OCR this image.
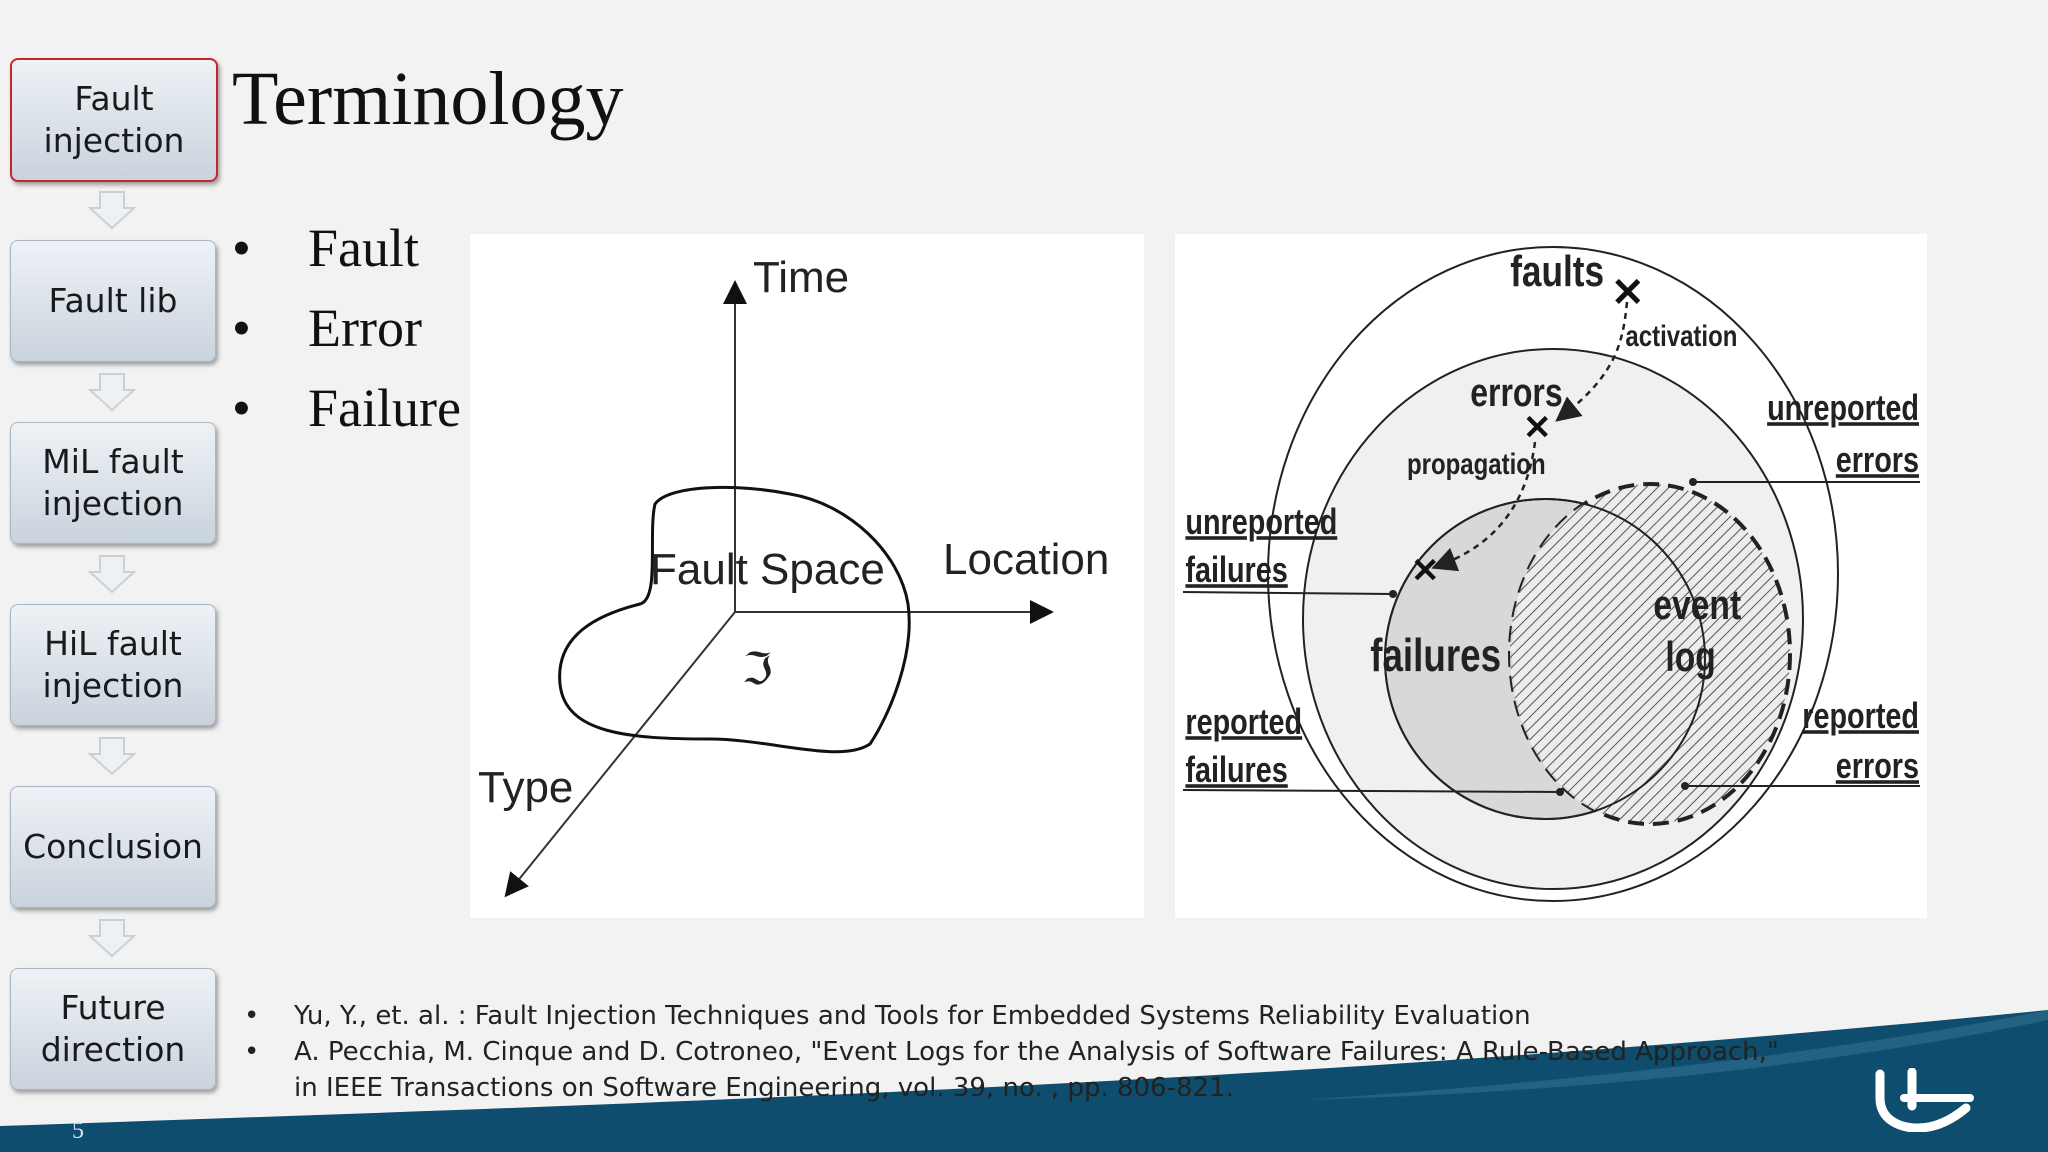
Fault
injection
Fault lib
MiL fault
injection
HiL fault
injection
Conclusion
Future
direction
Terminology
•	Fault
•	Error
•	Failure
Time
Location
Type
Fault Space
ℑ
✕
✕
✕
faults
activation
errors
propagation
failures
event
log
unreported
failures
reported
failures
unreported
errors
reported
errors
•	Yu, Y., et. al. : Fault Injection Techniques and Tools for Embedded Systems Reliability Evaluation
•	A. Pecchia, M. Cinque and D. Cotroneo, "Event Logs for the Analysis of Software Failures: A Rule-Based Approach,"
in IEEE Transactions on Software Engineering, vol. 39, no. , pp. 806-821.
5
